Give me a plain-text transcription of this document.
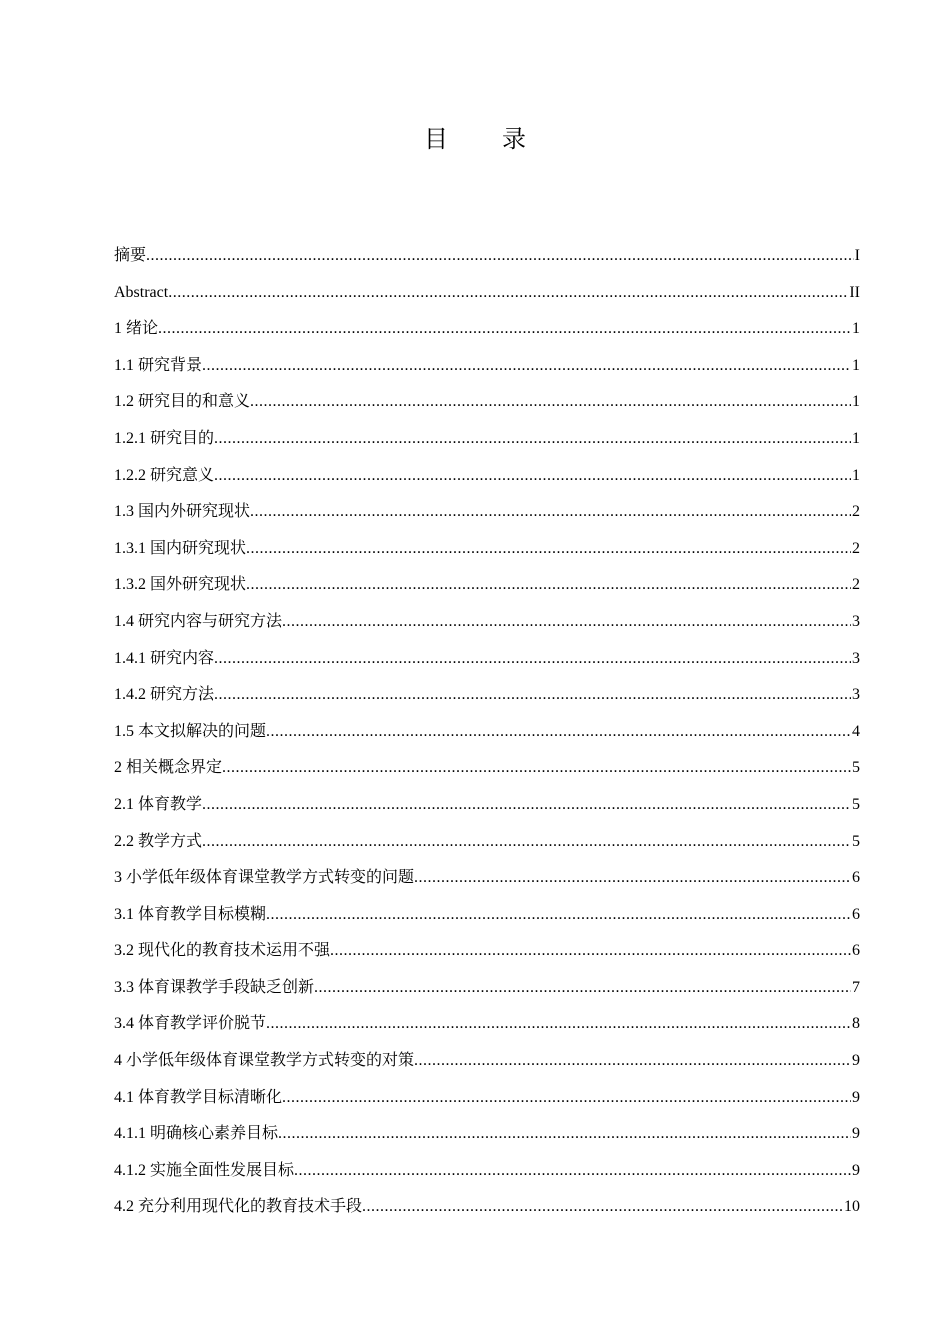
目 录
摘要 .....	I
Abstract .....	II
1 绪论 .....	1
1.1 研究背景 .....	1
1.2 研究目的和意义 .....	1
1.2.1 研究目的 .....	1
1.2.2 研究意义 .....	1
1.3 国内外研究现状 .....	2
1.3.1 国内研究现状 .....	2
1.3.2 国外研究现状 .....	2
1.4 研究内容与研究方法 .....	3
1.4.1 研究内容 .....	3
1.4.2 研究方法 .....	3
1.5 本文拟解决的问题 .....	4
2 相关概念界定 .....	5
2.1 体育教学 .....	5
2.2 教学方式 .....	5
3 小学低年级体育课堂教学方式转变的问题 .....	6
3.1 体育教学目标模糊 .....	6
3.2 现代化的教育技术运用不强 .....	6
3.3 体育课教学手段缺乏创新 .....	7
3.4 体育教学评价脱节 .....	8
4 小学低年级体育课堂教学方式转变的对策 .....	9
4.1 体育教学目标清晰化 .....	9
4.1.1 明确核心素养目标 .....	9
4.1.2 实施全面性发展目标 .....	9
4.2 充分利用现代化的教育技术手段 .....	10
